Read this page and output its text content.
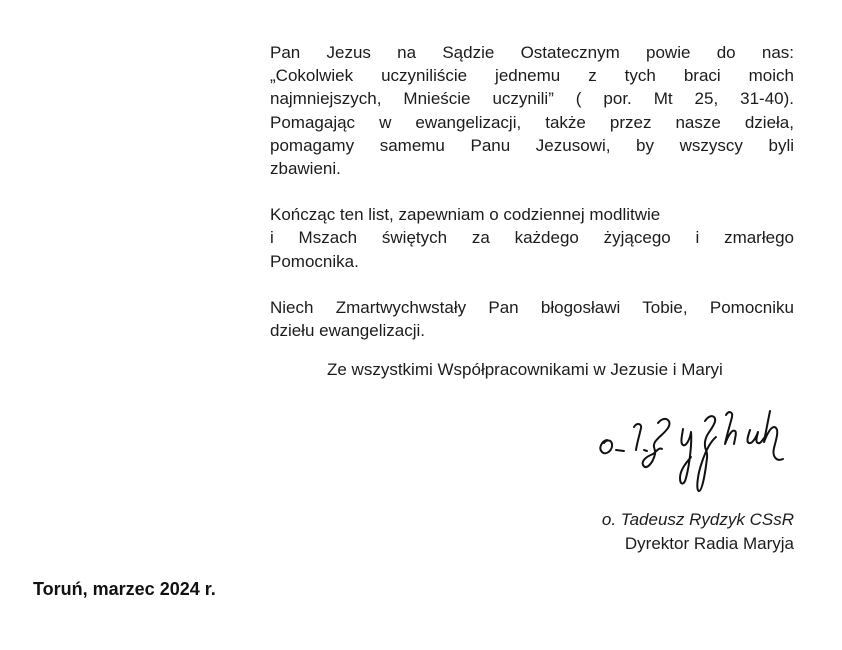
Pan Jezus na Sądzie Ostatecznym powie do nas:
„Cokolwiek uczyniliście jednemu z tych braci moich
najmniejszych, Mnieście uczynili” ( por. Mt 25, 31-40).
Pomagając w ewangelizacji, także przez nasze dzieła,
pomagamy samemu Panu Jezusowi, by wszyscy byli
zbawieni.
Kończąc ten list, zapewniam o codziennej modlitwie
i Mszach świętych za każdego żyjącego i zmarłego
Pomocnika.
Niech Zmartwychwstały Pan błogosławi Tobie, Pomocniku
dziełu ewangelizacji.
Ze wszystkimi Współpracownikami w Jezusie i Maryi
o. Tadeusz Rydzyk CSsR
Dyrektor Radia Maryja
Toruń, marzec 2024 r.
